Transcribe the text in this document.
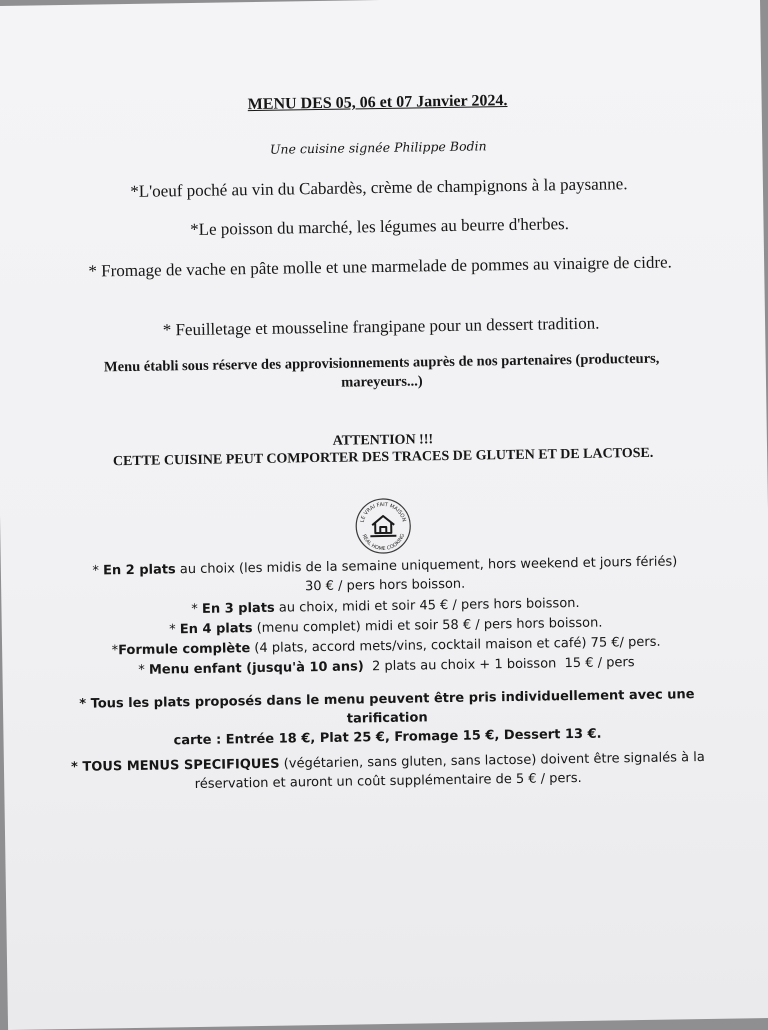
MENU DES 05, 06 et 07 Janvier 2024.
Une cuisine signée Philippe Bodin
*L'oeuf poché au vin du Cabardès, crème de champignons à la paysanne.
*Le poisson du marché, les légumes au beurre d'herbes.
* Fromage de vache en pâte molle et une marmelade de pommes au vinaigre de cidre.
* Feuilletage et mousseline frangipane pour un dessert tradition.
Menu établi sous réserve des approvisionnements auprès de nos partenaires (producteurs, mareyeurs...)
ATTENTION !!!
CETTE CUISINE PEUT COMPORTER DES TRACES DE GLUTEN ET DE LACTOSE.
LE VRAI FAIT MAISON
REAL HOME COOKING
* En 2 plats au choix (les midis de la semaine uniquement, hors weekend et jours fériés)
30 € / pers hors boisson.
* En 3 plats au choix, midi et soir 45 € / pers hors boisson.
* En 4 plats (menu complet) midi et soir 58 € / pers hors boisson.
*Formule complète (4 plats, accord mets/vins, cocktail maison et café) 75 €/ pers.
* Menu enfant (jusqu'à 10 ans)  2 plats au choix + 1 boisson  15 € / pers
* Tous les plats proposés dans le menu peuvent être pris individuellement avec une tarification
carte : Entrée 18 €, Plat 25 €, Fromage 15 €, Dessert 13 €.
* TOUS MENUS SPECIFIQUES (végétarien, sans gluten, sans lactose) doivent être signalés à la
réservation et auront un coût supplémentaire de 5 € / pers.
